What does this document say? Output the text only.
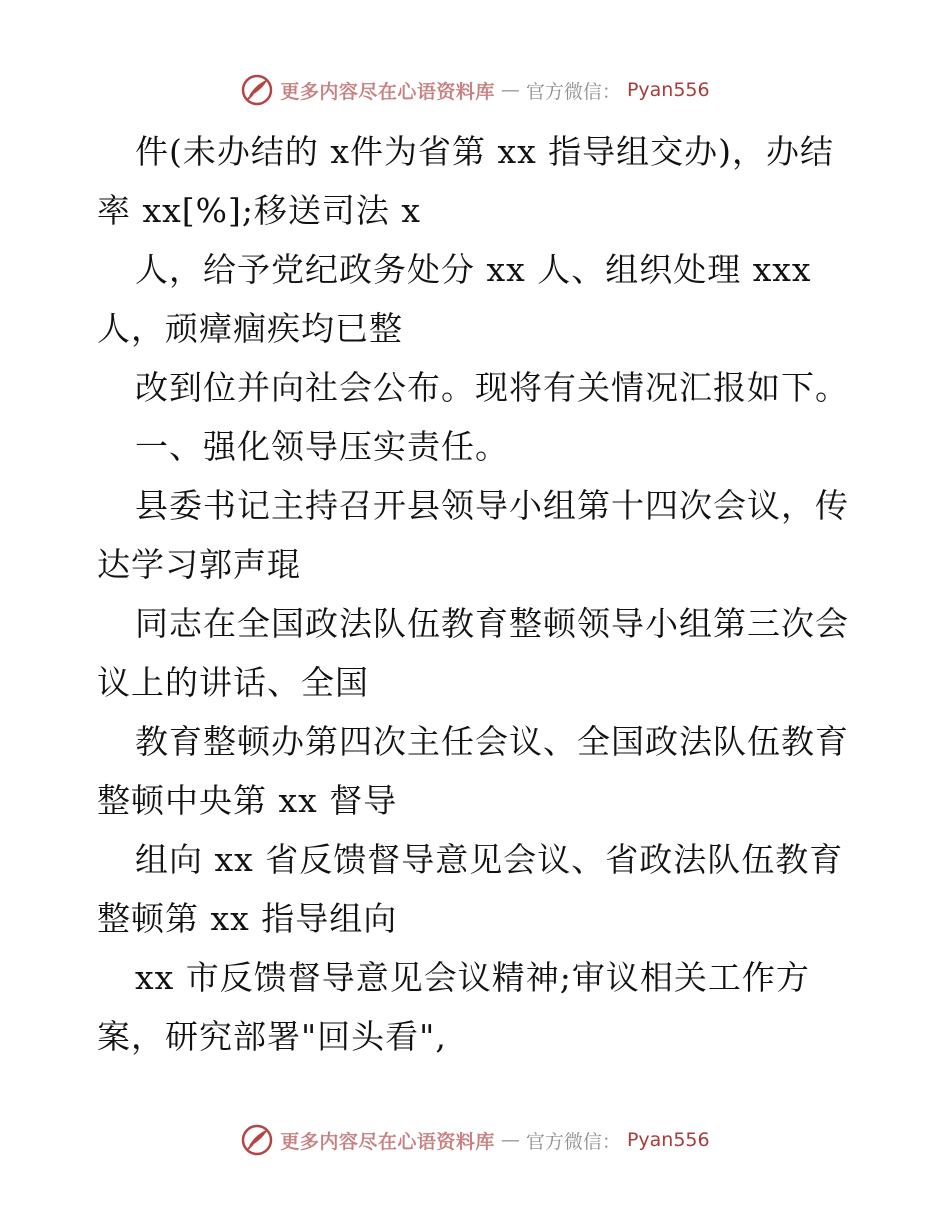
更多内容尽在心语资料库 — 官方微信： Pyan556

件(未办结的 x件为省第 xx 指导组交办)，办结率 xx[%];移送司法 x

人，给予党纪政务处分 xx 人、组织处理 xxx 人，顽瘴痼疾均已整

改到位并向社会公布。现将有关情况汇报如下。

一、强化领导压实责任。

县委书记主持召开县领导小组第十四次会议，传达学习郭声琨

同志在全国政法队伍教育整顿领导小组第三次会议上的讲话、全国

教育整顿办第四次主任会议、全国政法队伍教育整顿中央第 xx 督导

组向 xx 省反馈督导意见会议、省政法队伍教育整顿第 xx 指导组向

xx 市反馈督导意见会议精神;审议相关工作方案，研究部署"回头看",

更多内容尽在心语资料库 — 官方微信： Pyan556
